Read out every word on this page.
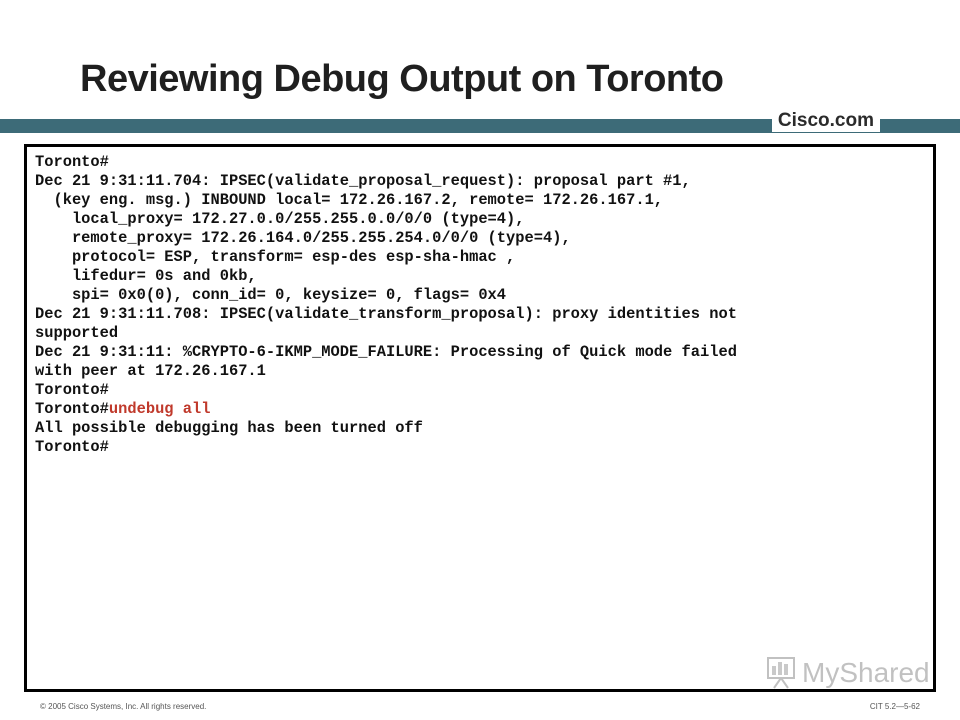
Reviewing Debug Output on Toronto
Cisco.com
Toronto#
Dec 21 9:31:11.704: IPSEC(validate_proposal_request): proposal part #1,
(key eng. msg.) INBOUND local= 172.26.167.2, remote= 172.26.167.1,
local_proxy= 172.27.0.0/255.255.0.0/0/0 (type=4),
remote_proxy= 172.26.164.0/255.255.254.0/0/0 (type=4),
protocol= ESP, transform= esp-des esp-sha-hmac ,
lifedur= 0s and 0kb,
spi= 0x0(0), conn_id= 0, keysize= 0, flags= 0x4
Dec 21 9:31:11.708: IPSEC(validate_transform_proposal): proxy identities not
supported
Dec 21 9:31:11: %CRYPTO-6-IKMP_MODE_FAILURE: Processing of Quick mode failed
with peer at 172.26.167.1
Toronto#
Toronto#undebug all
All possible debugging has been turned off
Toronto#
MyShared
© 2005 Cisco Systems, Inc. All rights reserved.	CIT 5.2—5-62
